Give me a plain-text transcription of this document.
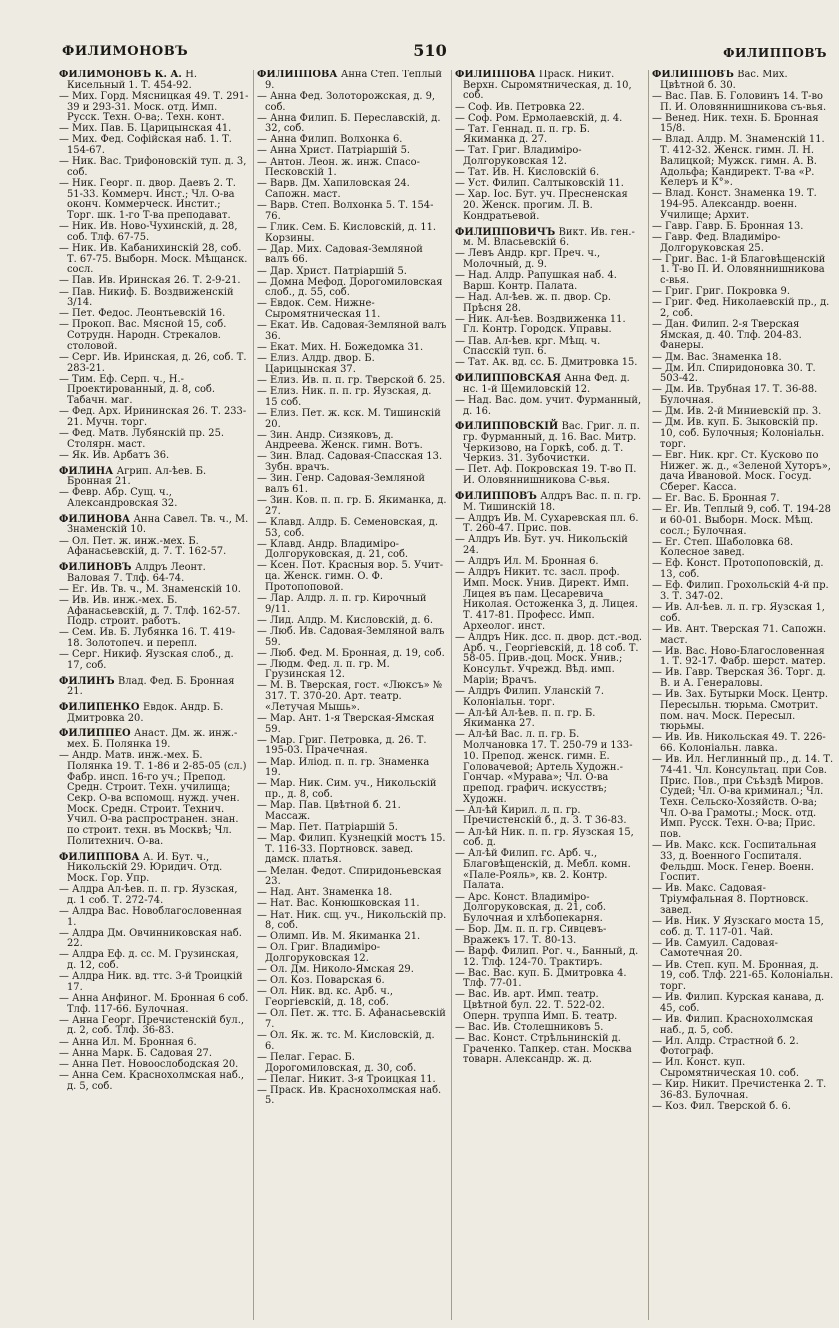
ФИЛИМОНОВЪ	510	ФИЛИППОВЪ
ФИЛИМОНОВЪ К. А. Н. Кисельный 1. Т. 454-92.
— Мих. Горд. Мясницкая 49. Т. 291-39 и 293-31. Моск. отд. Имп. Русск. Техн. О-ва;. Техн. конт.
— Мих. Пав. Б. Царицынская 41.
— Мих. Фед. Софійская наб. 1. Т. 154-67.
— Ник. Вас. Трифоновскій туп. д. 3, соб.
— Ник. Георг. п. двор. Даевъ 2. Т. 51-33. Коммерч. Инст.; Чл. О-ва оконч. Коммерческ. Инстит.; Торг. шк. 1-го Т-ва преподават.
— Ник. Ив. Ново-Чухинскій, д. 28, соб. Тлф. 67-75.
— Ник. Ив. Кабанихинскій 28, соб. Т. 67-75. Выборн. Моск. Мѣщанск. сосл.
— Пав. Ив. Иринская 26. Т. 2-9-21.
— Пав. Никиф. Б. Воздвиженскій 3/14.
— Пет. Федос. Леонтьевскій 16.
— Прокоп. Вас. Мясной 15, соб. Сотрудн. Народн. Стрекалов. столовой.
— Серг. Ив. Иринская, д. 26, соб. Т. 283-21.
— Тим. Еф. Серп. ч., Н.-Проектированный, д. 8, соб. Табачн. маг.
— Фед. Арх. Ирининская 26. Т. 233-21. Мучн. торг.
— Фед. Матв. Лубянскій пр. 25. Столярн. маст.
— Як. Ив. Арбатъ 36.
ФИЛИНА Агрип. Ал-ѣев. Б. Бронная 21.
— Февр. Абр. Сущ. ч., Александровская 32.
ФИЛИНОВА Анна Савел. Тв. ч., М. Знаменскій 10.
— Ол. Пет. ж. инж.-мех. Б. Афанасьевскій, д. 7. Т. 162-57.
ФИЛИНОВЪ Алдръ Леонт. Валовая 7. Тлф. 64-74.
— Ег. Ив. Тв. ч., М. Знаменскій 10.
— Ив. Ив. инж.-мех. Б. Афанасьевскій, д. 7. Тлф. 162-57. Подр. строит. работъ.
— Сем. Ив. Б. Лубянка 16. Т. 419-18. Золотопеч. и перепл.
— Серг. Никиф. Яузская слоб., д. 17, соб.
ФИЛИНЪ Влад. Фед. Б. Бронная 21.
ФИЛИПЕНКО Евдок. Андр. Б. Дмитровка 20.
ФИЛИППЕО Анаст. Дм. ж. инж.-мех. Б. Полянка 19.
— Андр. Матв. инж.-мех. Б. Полянка 19. Т. 1-86 и 2-85-05 (сл.) Фабр. инсп. 16-го уч.; Препод. Средн. Строит. Техн. училища; Секр. О-ва вспомощ. нужд. учен. Моск. Средн. Строит. Технич. Учил. О-ва распространен. знан. по строит. техн. въ Москвѣ; Чл. Политехнич. О-ва.
ФИЛИППОВА А. И. Бут. ч., Никольскій 29. Юридич. Отд. Моск. Гор. Упр.
— Алдра Ал-ѣев. п. п. гр. Яузская, д. 1 соб. Т. 272-74.
— Алдра Вас. Новоблагословенная 1.
— Алдра Дм. Овчинниковская наб. 22.
— Алдра Еф. д. сс. М. Грузинская, д. 12, соб.
— Алдра Ник. вд. ттс. 3-й Троицкій 17.
— Анна Анфиног. М. Бронная 6 соб. Тлф. 117-66. Булочная.
— Анна Георг. Пречистенскій бул., д. 2, соб. Тлф. 36-83.
— Анна Ил. М. Бронная 6.
— Анна Марк. Б. Садовая 27.
— Анна Пет. Новоослободская 20.
— Анна Сем. Краснохолмская наб., д. 5, соб.
ФИЛИППОВА Анна Степ. Теплый 9.
— Анна Фед. Золоторожская, д. 9, соб.
— Анна Филип. Б. Переславскій, д. 32, соб.
— Анна Филип. Волхонка 6.
— Анна Христ. Патріаршій 5.
— Антон. Леон. ж. инж. Спасо-Песковскій 1.
— Варв. Дм. Хапиловская 24. Сапожн. маст.
— Варв. Степ. Волхонка 5. Т. 154-76.
— Глик. Сем. Б. Кисловскій, д. 11. Корзины.
— Дар. Мих. Садовая-Земляной валъ 66.
— Дар. Христ. Патріаршій 5.
— Домна Мефод. Дорогомиловская слоб., д. 55, соб.
— Евдок. Сем. Нижне-Сыромятническая 11.
— Екат. Ив. Садовая-Земляной валъ 36.
— Екат. Мих. Н. Божедомка 31.
— Елиз. Алдр. двор. Б. Царицынская 37.
— Елиз. Ив. п. п. гр. Тверской б. 25.
— Елиз. Ник. п. п. гр. Яузская, д. 15 соб.
— Елиз. Пет. ж. кск. М. Тишинскій 20.
— Зин. Андр. Сизяковъ, д. Андреева. Женск. гимн. Вотъ.
— Зин. Влад. Садовая-Спасская 13. Зубн. врачъ.
— Зин. Генр. Садовая-Земляной валъ 61.
— Зин. Ков. п. п. гр. Б. Якиманка, д. 27.
— Клавд. Алдр. Б. Семеновская, д. 53, соб.
— Клавд. Андр. Владиміро-Долгоруковская, д. 21, соб.
— Ксен. Пот. Красныя вор. 5. Учит-ца. Женск. гимн. О. Ф. Протопоповой.
— Лар. Алдр. л. п. гр. Кирочный 9/11.
— Лид. Алдр. М. Кисловскій, д. 6.
— Люб. Ив. Садовая-Земляной валъ 59.
— Люб. Фед. М. Бронная, д. 19, соб.
— Людм. Фед. л. п. гр. М. Грузинская 12.
— М. В. Тверская, гост. «Люксъ» № 317. Т. 370-20. Арт. театр. «Летучая Мышь».
— Мар. Ант. 1-я Тверская-Ямская 59.
— Мар. Григ. Петровка, д. 26. Т. 195-03. Прачечная.
— Мар. Иліод. п. п. гр. Знаменка 19.
— Мар. Ник. Сим. уч., Никольскій пр., д. 8, соб.
— Мар. Пав. Цвѣтной б. 21. Массаж.
— Мар. Пет. Патріаршій 5.
— Мар. Филип. Кузнецкій мостъ 15. Т. 116-33. Портновск. завед. дамск. платья.
— Мелан. Федот. Спиридоньевская 23.
— Над. Ант. Знаменка 18.
— Нат. Вас. Конюшковская 11.
— Нат. Ник. сщ. уч., Никольскій пр. 8, соб.
— Олимп. Ив. М. Якиманка 21.
— Ол. Григ. Владиміро-Долгоруковская 12.
— Ол. Дм. Николо-Ямская 29.
— Ол. Коз. Поварская 6.
— Ол. Ник. вд. кс. Арб. ч., Георгіевскій, д. 18, соб.
— Ол. Пет. ж. ттс. Б. Афанасьевскій 7.
— Ол. Як. ж. тс. М. Кисловскій, д. 6.
— Пелаг. Герас. Б. Дорогомиловская, д. 30, соб.
— Пелаг. Никит. 3-я Троицкая 11.
— Праск. Ив. Краснохолмская наб. 5.
ФИЛИППОВА Праск. Никит. Верхн. Сыромятническая, д. 10, соб.
— Соф. Ив. Петровка 22.
— Соф. Ром. Ермолаевскій, д. 4.
— Тат. Геннад. п. п. гр. Б. Якиманка д. 27.
— Тат. Григ. Владиміро-Долгоруковская 12.
— Тат. Ив. Н. Кисловскій 6.
— Уст. Филип. Салтыковскій 11.
— Хар. Іос. Бут. уч. Пресненская 20. Женск. прогим. Л. В. Кондратьевой.
ФИЛИППОВИЧЪ Викт. Ив. ген.-м. М. Власьевскій 6.
— Левъ Андр. крг. Преч. ч., Молочный, д. 9.
— Над. Алдр. Рапушкая наб. 4. Варш. Контр. Палата.
— Над. Ал-ѣев. ж. п. двор. Ср. Прѣсня 28.
— Ник. Ал-ѣев. Воздвиженка 11. Гл. Контр. Городск. Управы.
— Пав. Ал-ѣев. крг. Мѣщ. ч. Спасскій туп. 6.
— Тат. Ак. вд. сс. Б. Дмитровка 15.
ФИЛИППОВСКАЯ Анна Фед. д. нс. 1-й Щемиловскій 12.
— Над. Вас. дом. учит. Фурманный, д. 16.
ФИЛИППОВСКІЙ Вас. Григ. л. п. гр. Фурманный, д. 16. Вас. Митр. Черкизово, на Горкѣ, соб. д. Т. Черкиз. 31. Зубочистки.
— Пет. Аф. Покровская 19. Т-во П. И. Оловяннишникова С-вья.
ФИЛИППОВЪ Алдръ Вас. п. п. гр. М. Тишинскій 18.
— Алдръ Ив. М. Сухаревская пл. 6. Т. 260-47. Прис. пов.
— Алдръ Ив. Бут. уч. Никольскій 24.
— Алдръ Ил. М. Бронная 6.
— Алдръ Никит. тс. засл. проф. Имп. Моск. Унив. Директ. Имп. Лицея въ пам. Цесаревича Николая. Остоженка 3, д. Лицея. Т. 417-81. Професс. Имп. Археолог. инст.
— Алдръ Ник. дсс. п. двор. дст.-вод. Арб. ч., Георгіевскій, д. 18 соб. Т. 58-05. Прив.-доц. Моск. Унив.; Консульт. Учрежд. Вѣд. имп. Маріи; Врачъ.
— Алдръ Филип. Уланскій 7. Колоніальн. торг.
— Ал-ѣй Ал-ѣев. п. п. гр. Б. Якиманка 27.
— Ал-ѣй Вас. л. п. гр. Б. Молчановка 17. Т. 250-79 и 133-10. Препод. женск. гимн. Е. Головачевой; Артель Художн.-Гончар. «Мурава»; Чл. О-ва препод. графич. искусствъ; Художн.
— Ал-ѣй Кирил. л. п. гр. Пречистенскій б., д. 3. Т 36-83.
— Ал-ѣй Ник. п. п. гр. Яузская 15, соб. д.
— Ал-ѣй Филип. гс. Арб. ч., Благовѣщенскій, д. Мебл. комн. «Пале-Рояль», кв. 2. Контр. Палата.
— Арс. Конст. Владиміро-Долгоруковская, д. 21, соб. Булочная и хлѣбопекарня.
— Бор. Дм. п. п. гр. Сивцевъ-Вражекъ 17. Т. 80-13.
— Варф. Филип. Рог. ч., Банный, д. 12. Тлф. 124-70. Трактиръ.
— Вас. Вас. куп. Б. Дмитровка 4. Тлф. 77-01.
— Вас. Ив. арт. Имп. театр. Цвѣтной бул. 22. Т. 522-02. Оперн. труппа Имп. Б. театр.
— Вас. Ив. Столешниковъ 5.
— Вас. Конст. Стрѣльнинскій д. Граченко. Тапкер. стан. Москва товарн. Александр. ж. д.
ФИЛИППОВЪ Вас. Мих. Цвѣтной б. 30.
— Вас. Пав. Б. Головинъ 14. Т-во П. И. Оловяннишникова съ-вья.
— Венед. Ник. техн. Б. Бронная 15/8.
— Влад. Алдр. М. Знаменскій 11. Т. 412-32. Женск. гимн. Л. Н. Валицкой; Мужск. гимн. А. В. Адольфа; Кандирект. Т-ва «Р. Келеръ и К°».
— Влад. Конст. Знаменка 19. Т. 194-95. Александр. военн. Училище; Архит.
— Гавр. Гавр. Б. Бронная 13.
— Гавр. Фед. Владиміро-Долгоруковская 25.
— Григ. Вас. 1-й Благовѣщенскій 1. Т-во П. И. Оловяннишникова с-вья.
— Григ. Григ. Покровка 9.
— Григ. Фед. Николаевскій пр., д. 2, соб.
— Дан. Филип. 2-я Тверская Ямская, д. 40. Тлф. 204-83. Фанеры.
— Дм. Вас. Знаменка 18.
— Дм. Ил. Спиридоновка 30. Т. 503-42.
— Дм. Ив. Трубная 17. Т. 36-88. Булочная.
— Дм. Ив. 2-й Миниевскій пр. 3.
— Дм. Ив. куп. Б. Зыковскій пр. 10, соб. Булочныя; Колоніальн. торг.
— Евг. Ник. крг. Ст. Кусково по Нижег. ж. д., «Зеленой Хуторъ», дача Ивановой. Моск. Госуд. Сберег. Касса.
— Ег. Вас. Б. Бронная 7.
— Ег. Ив. Теплый 9, соб. Т. 194-28 и 60-01. Выборн. Моск. Мѣщ. сосл.; Булочная.
— Ег. Степ. Шаболовка 68. Колесное завед.
— Еф. Конст. Протопоповскій, д. 13, соб.
— Еф. Филип. Грохольскій 4-й пр. 3. Т. 347-02.
— Ив. Ал-ѣев. л. п. гр. Яузская 1, соб.
— Ив. Ант. Тверская 71. Сапожн. маст.
— Ив. Вас. Ново-Благословенная 1. Т. 92-17. Фабр. шерст. матер.
— Ив. Гавр. Тверская 36. Торг. д. В. и А. Генераловы.
— Ив. Зах. Бутырки Моск. Центр. Пересыльн. тюрьма. Смотрит. пом. нач. Моск. Пересыл. тюрьмы.
— Ив. Ив. Никольская 49. Т. 226-66. Колоніальн. лавка.
— Ив. Ил. Неглинный пр., д. 14. Т. 74-41. Чл. Консультац. при Сов. Прис. Пов., при Съѣздѣ Миров. Судей; Чл. О-ва криминал.; Чл. Техн. Сельско-Хозяйств. О-ва; Чл. О-ва Грамоты.; Моск. отд. Имп. Русск. Техн. О-ва; Прис. пов.
— Ив. Макс. кск. Госпитальная 33, д. Военного Госпиталя. Фельдш. Моск. Генер. Военн. Госпит.
— Ив. Макс. Садовая-Тріумфальная 8. Портновск. завед.
— Ив. Ник. У Яузскаго моста 15, соб. д. Т. 117-01. Чай.
— Ив. Самуил. Садовая-Самотечная 20.
— Ив. Степ. куп. М. Бронная, д. 19, соб. Тлф. 221-65. Колоніальн. торг.
— Ив. Филип. Курская канава, д. 45, соб.
— Ив. Филип. Краснохолмская наб., д. 5, соб.
— Ил. Алдр. Страстной б. 2. Фотограф.
— Ил. Конст. куп. Сыромятническая 10. соб.
— Кир. Никит. Пречистенка 2. Т. 36-83. Булочная.
— Коз. Фил. Тверской б. 6.
